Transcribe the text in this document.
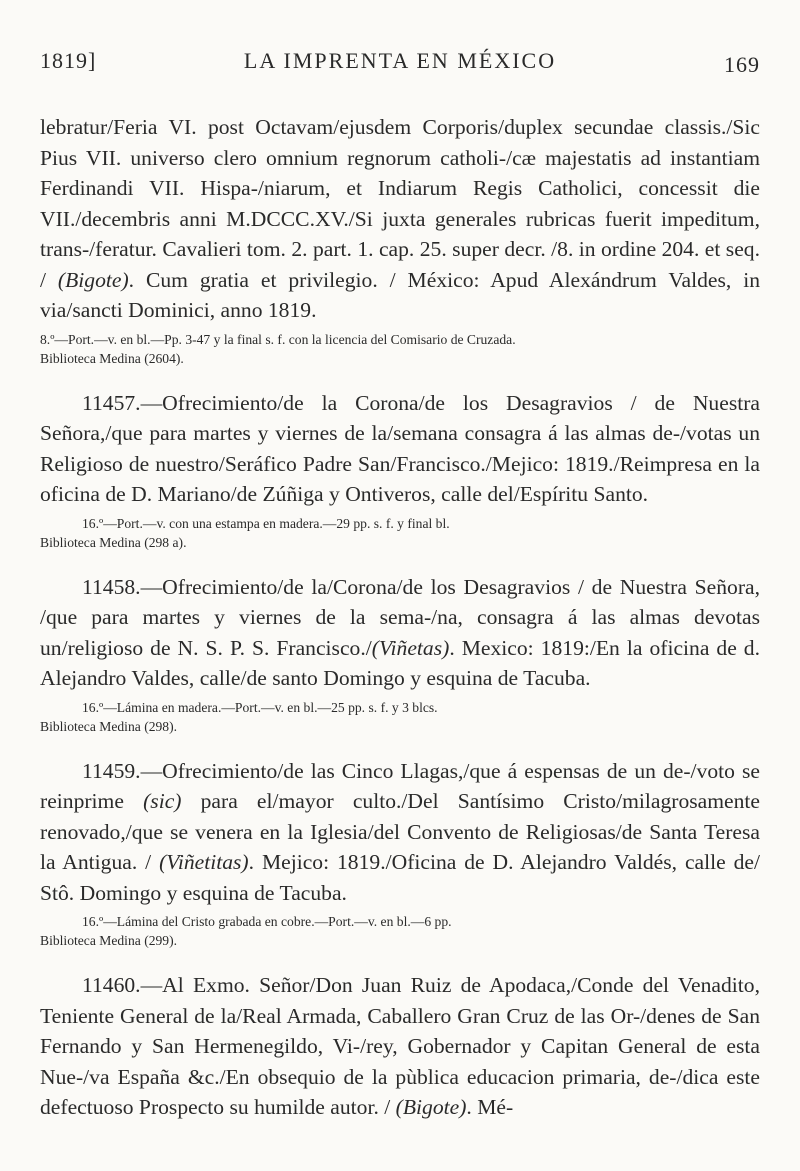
1819]	LA IMPRENTA EN MÉXICO	169

lebratur/Feria VI. post Octavam/ejusdem Corporis/duplex secundae classis./Sic Pius VII. universo clero omnium regnorum catholi-/cæ majestatis ad instantiam Ferdinandi VII. Hispa-/niarum, et Indiarum Regis Catholici, concessit die VII./decembris anni M.DCCC.XV./Si juxta generales rubricas fuerit impeditum, trans-/feratur. Cavalieri tom. 2. part. 1. cap. 25. super decr. /8. in ordine 204. et seq. / (Bigote). Cum gratia et privilegio. / México: Apud Alexándrum Valdes, in via/sancti Dominici, anno 1819.

8.º—Port.—v. en bl.—Pp. 3-47 y la final s. f. con la licencia del Comisario de Cruzada.
Biblioteca Medina (2604).

11457.—Ofrecimiento/de la Corona/de los Desagravios / de Nuestra Señora,/que para martes y viernes de la/semana consagra á las almas de-/votas un Religioso de nuestro/Seráfico Padre San/Francisco./Mejico: 1819./Reimpresa en la oficina de D. Mariano/de Zúñiga y Ontiveros, calle del/Espíritu Santo.

16.º—Port.—v. con una estampa en madera.—29 pp. s. f. y final bl.
Biblioteca Medina (298 a).

11458.—Ofrecimiento/de la/Corona/de los Desagravios / de Nuestra Señora, /que para martes y viernes de la sema-/na, consagra á las almas devotas un/religioso de N. S. P. S. Francisco./(Viñetas). Mexico: 1819:/En la oficina de d. Alejandro Valdes, calle/de santo Domingo y esquina de Tacuba.

16.º—Lámina en madera.—Port.—v. en bl.—25 pp. s. f. y 3 blcs.
Biblioteca Medina (298).

11459.—Ofrecimiento/de las Cinco Llagas,/que á espensas de un de-/voto se reinprime (sic) para el/mayor culto./Del Santísimo Cristo/milagrosamente renovado,/que se venera en la Iglesia/del Convento de Religiosas/de Santa Teresa la Antigua. / (Viñetitas). Mejico: 1819./Oficina de D. Alejandro Valdés, calle de/ Stô. Domingo y esquina de Tacuba.

16.º—Lámina del Cristo grabada en cobre.—Port.—v. en bl.—6 pp.
Biblioteca Medina (299).

11460.—Al Exmo. Señor/Don Juan Ruiz de Apodaca,/Conde del Venadito, Teniente General de la/Real Armada, Caballero Gran Cruz de las Or-/denes de San Fernando y San Hermenegildo, Vi-/rey, Gobernador y Capitan General de esta Nue-/va España &c./En obsequio de la pùblica educacion primaria, de-/dica este defectuoso Prospecto su humilde autor. / (Bigote). Mé-
